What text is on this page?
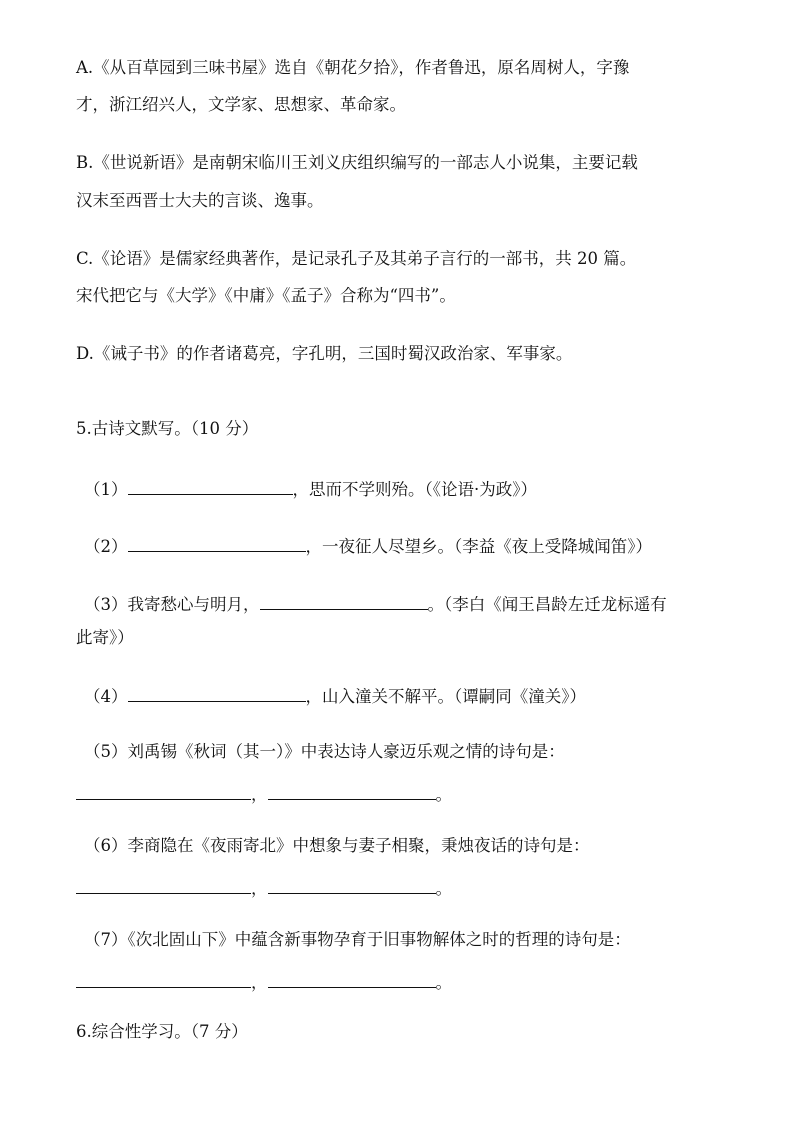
A.《从百草园到三味书屋》选自《朝花夕拾》，作者鲁迅，原名周树人，字豫
才，浙江绍兴人，文学家、思想家、革命家。
B.《世说新语》是南朝宋临川王刘义庆组织编写的一部志人小说集，主要记载
汉末至西晋士大夫的言谈、逸事。
C.《论语》是儒家经典著作，是记录孔子及其弟子言行的一部书，共 20 篇。
宋代把它与《大学》《中庸》《孟子》合称为“四书”。
D.《诫子书》的作者诸葛亮，字孔明，三国时蜀汉政治家、军事家。
5.古诗文默写。（10 分）
（1）	，思而不学则殆。（《论语·为政》）
（2）	，一夜征人尽望乡。（李益《夜上受降城闻笛》）
（3）我寄愁心与明月，	。（李白《闻王昌龄左迁龙标遥有
此寄》）
（4）	，山入潼关不解平。（谭嗣同《潼关》）
（5）刘禹锡《秋词（其一）》中表达诗人豪迈乐观之情的诗句是：
，	。
（6）李商隐在《夜雨寄北》中想象与妻子相聚，秉烛夜话的诗句是：
，	。
（7）《次北固山下》中蕴含新事物孕育于旧事物解体之时的哲理的诗句是：
，	。
6.综合性学习。（7 分）
